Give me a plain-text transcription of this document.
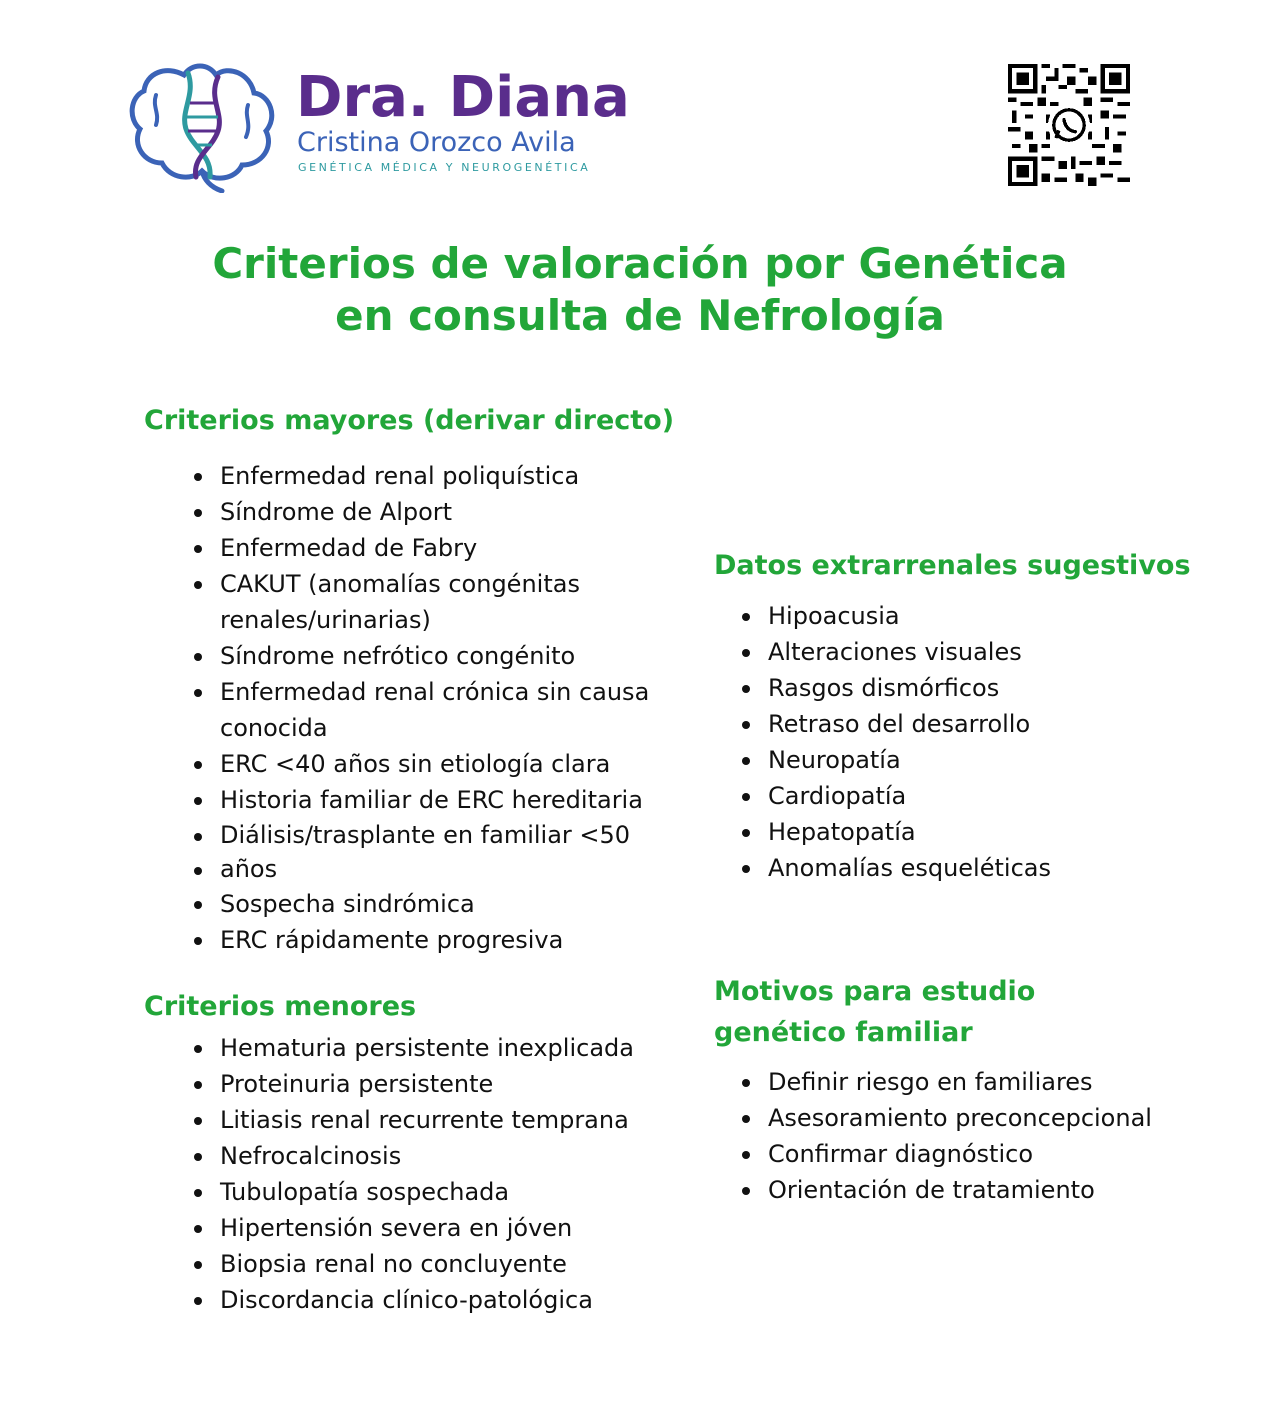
Dra. Diana
Cristina Orozco Avila
GENÉTICA MÉDICA Y NEUROGENÉTICA
Criterios de valoración por Genética
en consulta de Nefrología
Criterios mayores (derivar directo)
Enfermedad renal poliquística
Síndrome de Alport
Enfermedad de Fabry
CAKUT (anomalías congénitas renales/urinarias)
Síndrome nefrótico congénito
Enfermedad renal crónica sin causa conocida
ERC <40 años sin etiología clara
Historia familiar de ERC hereditaria
Diálisis/trasplante en familiar <50
años
Sospecha sindrómica
ERC rápidamente progresiva
Criterios menores
Hematuria persistente inexplicada
Proteinuria persistente
Litiasis renal recurrente temprana
Nefrocalcinosis
Tubulopatía sospechada
Hipertensión severa en jóven
Biopsia renal no concluyente
Discordancia clínico-patológica
Datos extrarrenales sugestivos
Hipoacusia
Alteraciones visuales
Rasgos dismórficos
Retraso del desarrollo
Neuropatía
Cardiopatía
Hepatopatía
Anomalías esqueléticas
Motivos para estudio
genético familiar
Definir riesgo en familiares
Asesoramiento preconcepcional
Confirmar diagnóstico
Orientación de tratamiento
